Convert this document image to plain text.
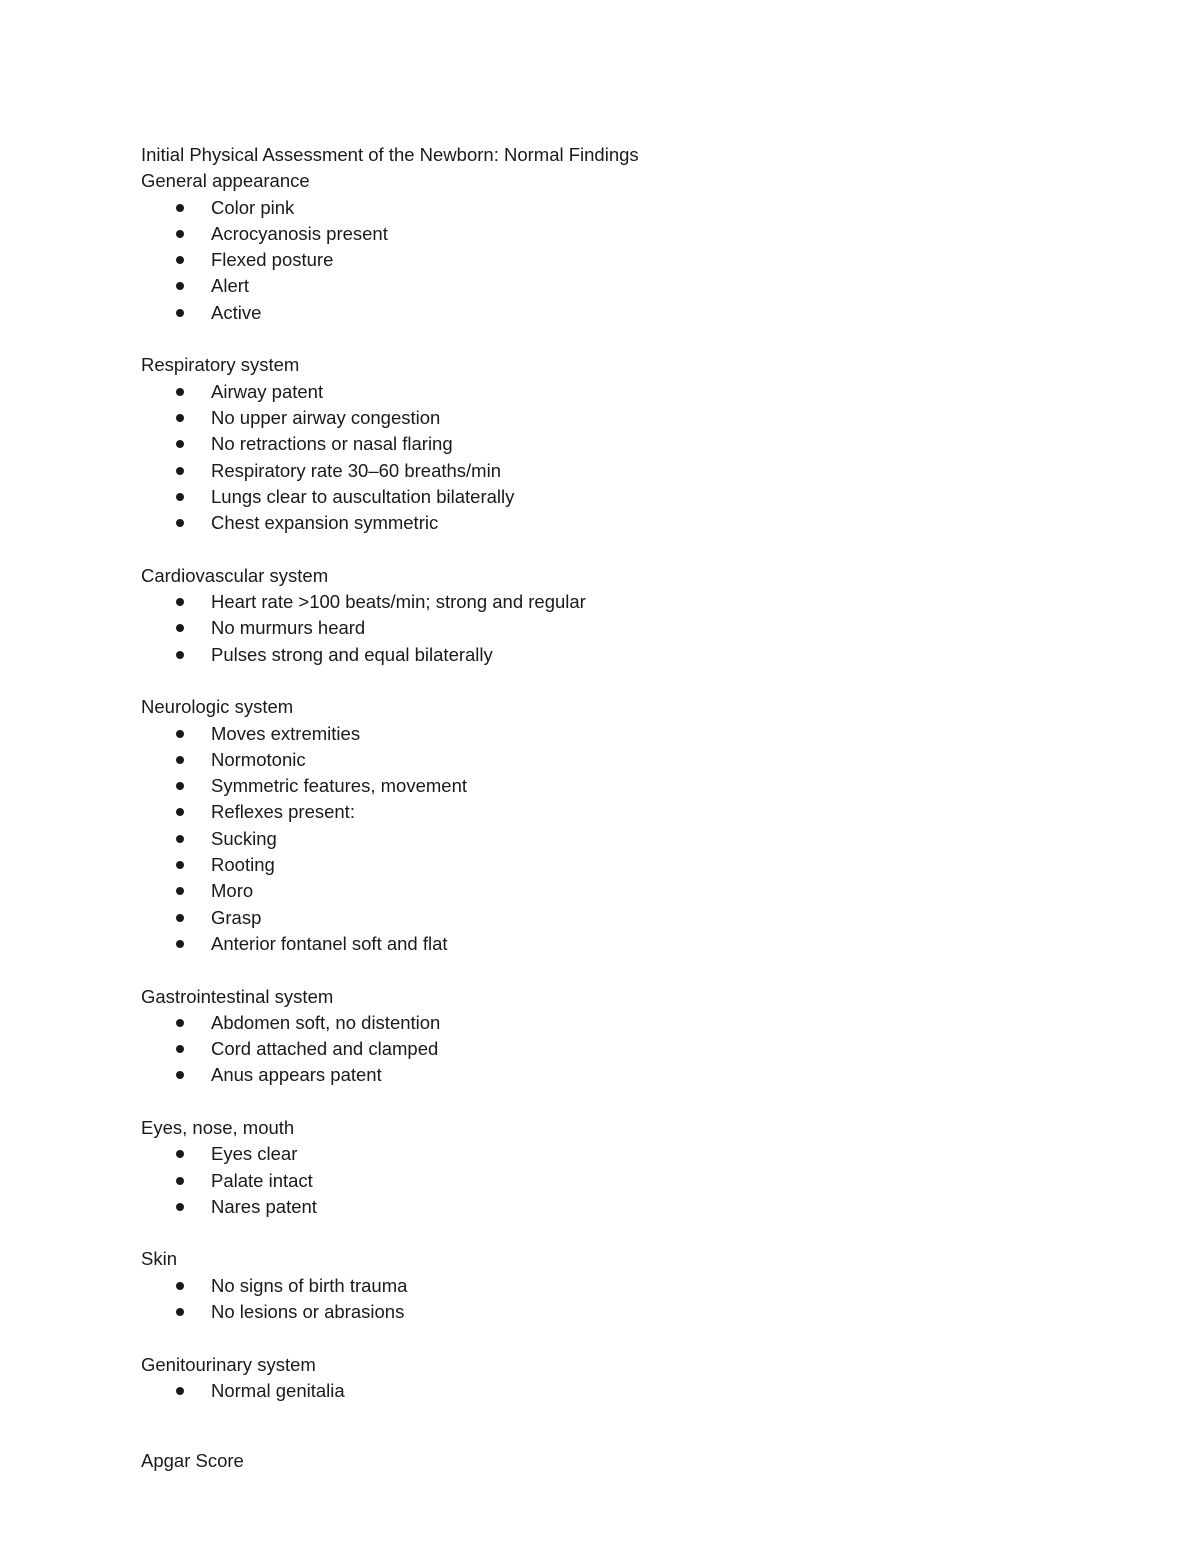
Initial Physical Assessment of the Newborn: Normal Findings
General appearance
Color pink
Acrocyanosis present
Flexed posture
Alert
Active
Respiratory system
Airway patent
No upper airway congestion
No retractions or nasal flaring
Respiratory rate 30–60 breaths/min
Lungs clear to auscultation bilaterally
Chest expansion symmetric
Cardiovascular system
Heart rate >100 beats/min; strong and regular
No murmurs heard
Pulses strong and equal bilaterally
Neurologic system
Moves extremities
Normotonic
Symmetric features, movement
Reflexes present:
Sucking
Rooting
Moro
Grasp
Anterior fontanel soft and flat
Gastrointestinal system
Abdomen soft, no distention
Cord attached and clamped
Anus appears patent
Eyes, nose, mouth
Eyes clear
Palate intact
Nares patent
Skin
No signs of birth trauma
No lesions or abrasions
Genitourinary system
Normal genitalia
Apgar Score
